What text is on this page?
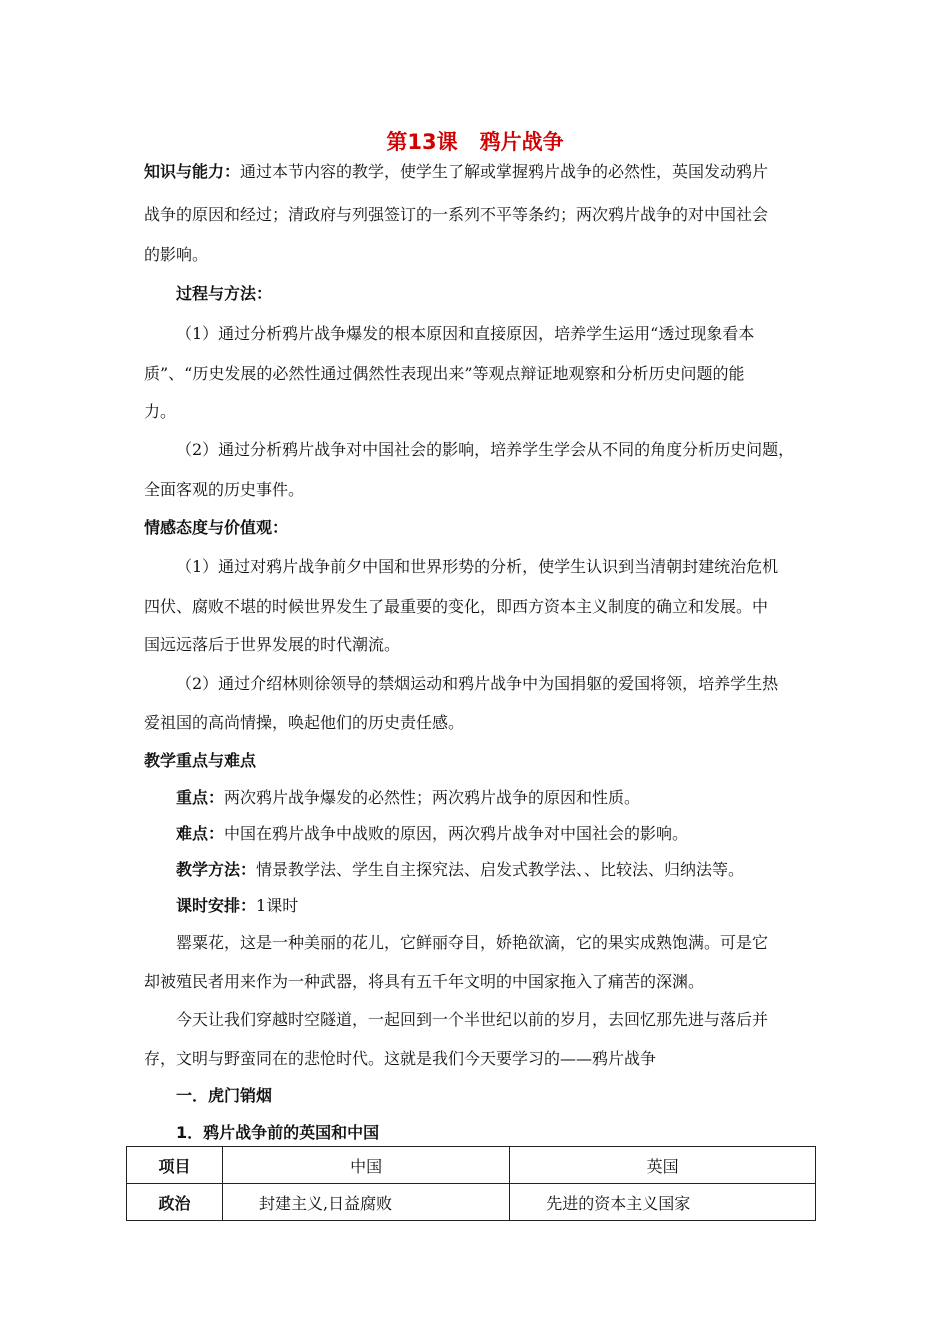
第13课 鸦片战争
知识与能力：通过本节内容的教学，使学生了解或掌握鸦片战争的必然性，英国发动鸦片
战争的原因和经过；清政府与列强签订的一系列不平等条约；两次鸦片战争的对中国社会
的影响。
过程与方法：
（1）通过分析鸦片战争爆发的根本原因和直接原因，培养学生运用“透过现象看本
质”、“历史发展的必然性通过偶然性表现出来”等观点辩证地观察和分析历史问题的能
力。
（2）通过分析鸦片战争对中国社会的影响，培养学生学会从不同的角度分析历史问题，
全面客观的历史事件。
情感态度与价值观：
（1）通过对鸦片战争前夕中国和世界形势的分析，使学生认识到当清朝封建统治危机
四伏、腐败不堪的时候世界发生了最重要的变化，即西方资本主义制度的确立和发展。中
国远远落后于世界发展的时代潮流。
（2）通过介绍林则徐领导的禁烟运动和鸦片战争中为国捐躯的爱国将领，培养学生热
爱祖国的高尚情操，唤起他们的历史责任感。
教学重点与难点
重点：两次鸦片战争爆发的必然性；两次鸦片战争的原因和性质。
难点：中国在鸦片战争中战败的原因，两次鸦片战争对中国社会的影响。
教学方法：情景教学法、学生自主探究法、启发式教学法、、比较法、归纳法等。
课时安排：1课时
罂粟花，这是一种美丽的花儿，它鲜丽夺目，娇艳欲滴，它的果实成熟饱满。可是它
却被殖民者用来作为一种武器，将具有五千年文明的中国家拖入了痛苦的深渊。
今天让我们穿越时空隧道，一起回到一个半世纪以前的岁月，去回忆那先进与落后并
存，文明与野蛮同在的悲怆时代。这就是我们今天要学习的——鸦片战争
一．虎门销烟
1．鸦片战争前的英国和中国
项目	中国	英国
政治	封建主义,日益腐败	先进的资本主义国家
